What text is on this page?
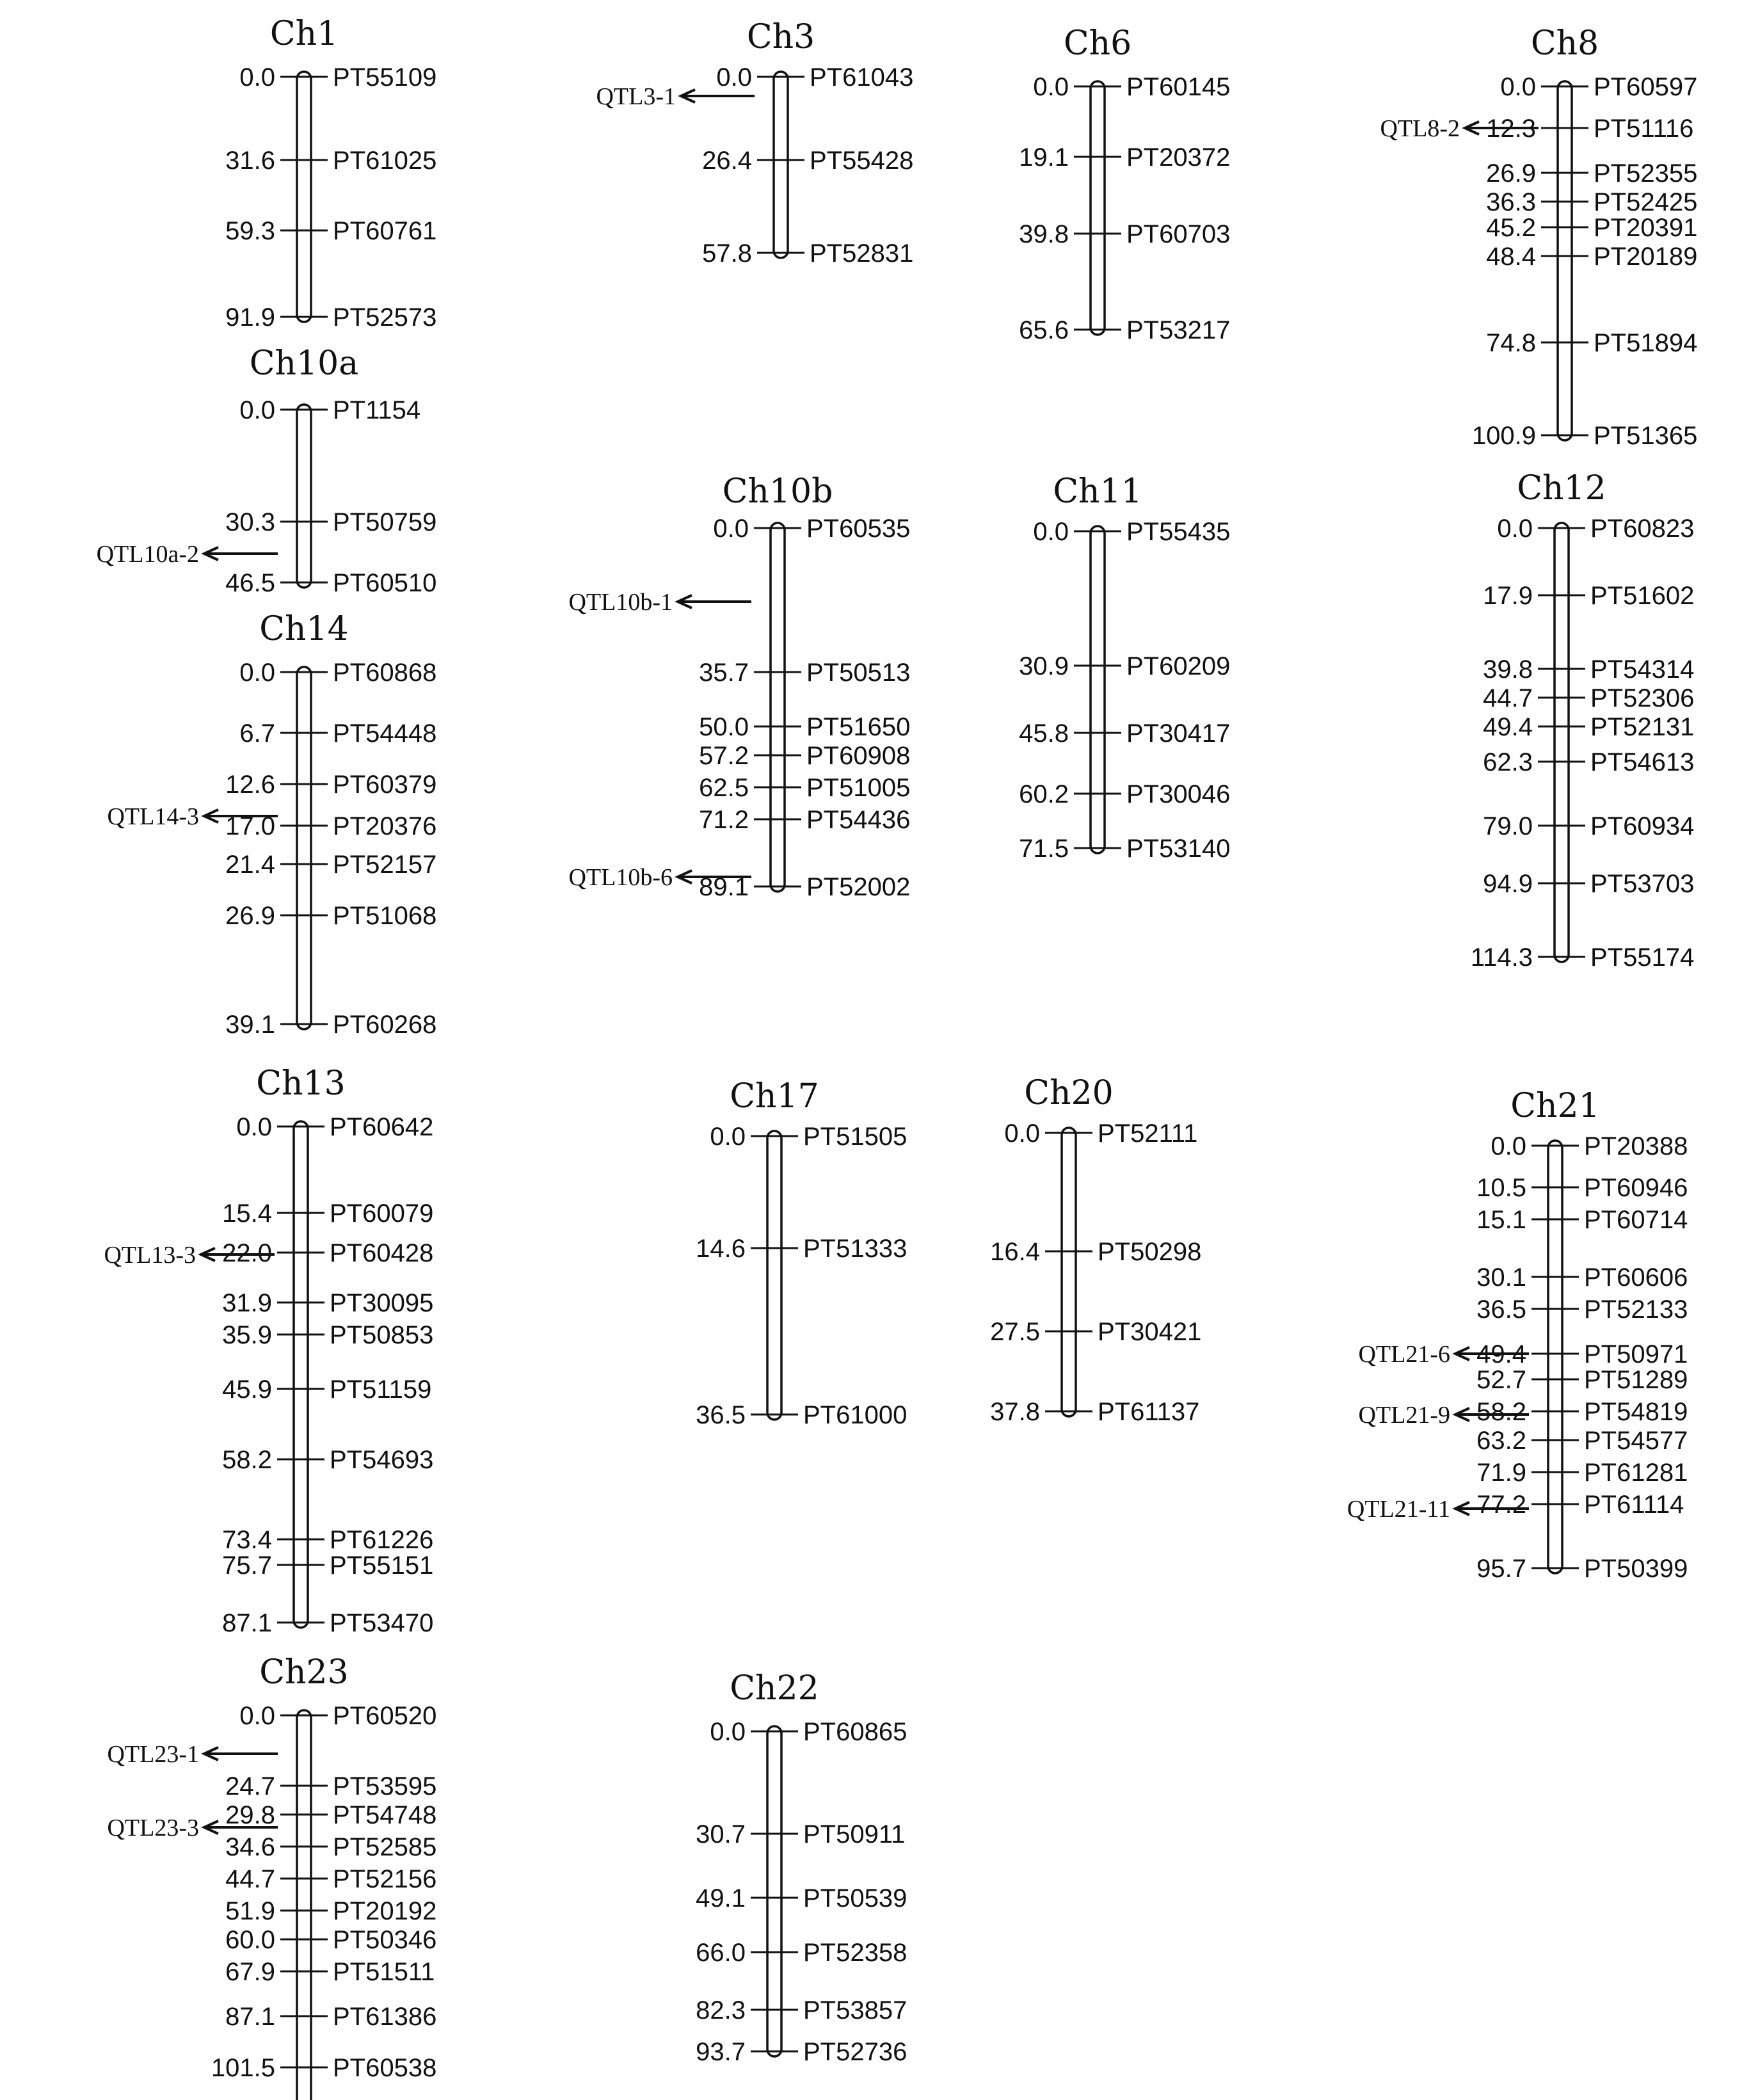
Ch1
0.0 PT55109
31.6 PT61025
59.3 PT60761
91.9 PT52573
Ch10a
0.0 PT1154
30.3 PT50759
46.5 PT60510
QTL10a-2
Ch14
0.0 PT60868
6.7 PT54448
12.6 PT60379
17.0 PT20376
21.4 PT52157
26.9 PT51068
39.1 PT60268
QTL14-3
Ch13
0.0 PT60642
15.4 PT60079
22.0 PT60428
31.9 PT30095
35.9 PT50853
45.9 PT51159
58.2 PT54693
73.4 PT61226
75.7 PT55151
87.1 PT53470
QTL13-3
Ch23
0.0 PT60520
24.7 PT53595
29.8 PT54748
34.6 PT52585
44.7 PT52156
51.9 PT20192
60.0 PT50346
67.9 PT51511
87.1 PT61386
101.5 PT60538
QTL23-1
QTL23-3
Ch3
0.0 PT61043
26.4 PT55428
57.8 PT52831
QTL3-1
Ch10b
0.0 PT60535
35.7 PT50513
50.0 PT51650
57.2 PT60908
62.5 PT51005
71.2 PT54436
89.1 PT52002
QTL10b-1
QTL10b-6
Ch17
0.0 PT51505
14.6 PT51333
36.5 PT61000
Ch22
0.0 PT60865
30.7 PT50911
49.1 PT50539
66.0 PT52358
82.3 PT53857
93.7 PT52736
Ch6
0.0 PT60145
19.1 PT20372
39.8 PT60703
65.6 PT53217
Ch11
0.0 PT55435
30.9 PT60209
45.8 PT30417
60.2 PT30046
71.5 PT53140
Ch20
0.0 PT52111
16.4 PT50298
27.5 PT30421
37.8 PT61137
Ch8
0.0 PT60597
12.3 PT51116
26.9 PT52355
36.3 PT52425
45.2 PT20391
48.4 PT20189
74.8 PT51894
100.9 PT51365
QTL8-2
Ch12
0.0 PT60823
17.9 PT51602
39.8 PT54314
44.7 PT52306
49.4 PT52131
62.3 PT54613
79.0 PT60934
94.9 PT53703
114.3 PT55174
Ch21
0.0 PT20388
10.5 PT60946
15.1 PT60714
30.1 PT60606
36.5 PT52133
49.4 PT50971
52.7 PT51289
58.2 PT54819
63.2 PT54577
71.9 PT61281
77.2 PT61114
95.7 PT50399
QTL21-6
QTL21-9
QTL21-11
